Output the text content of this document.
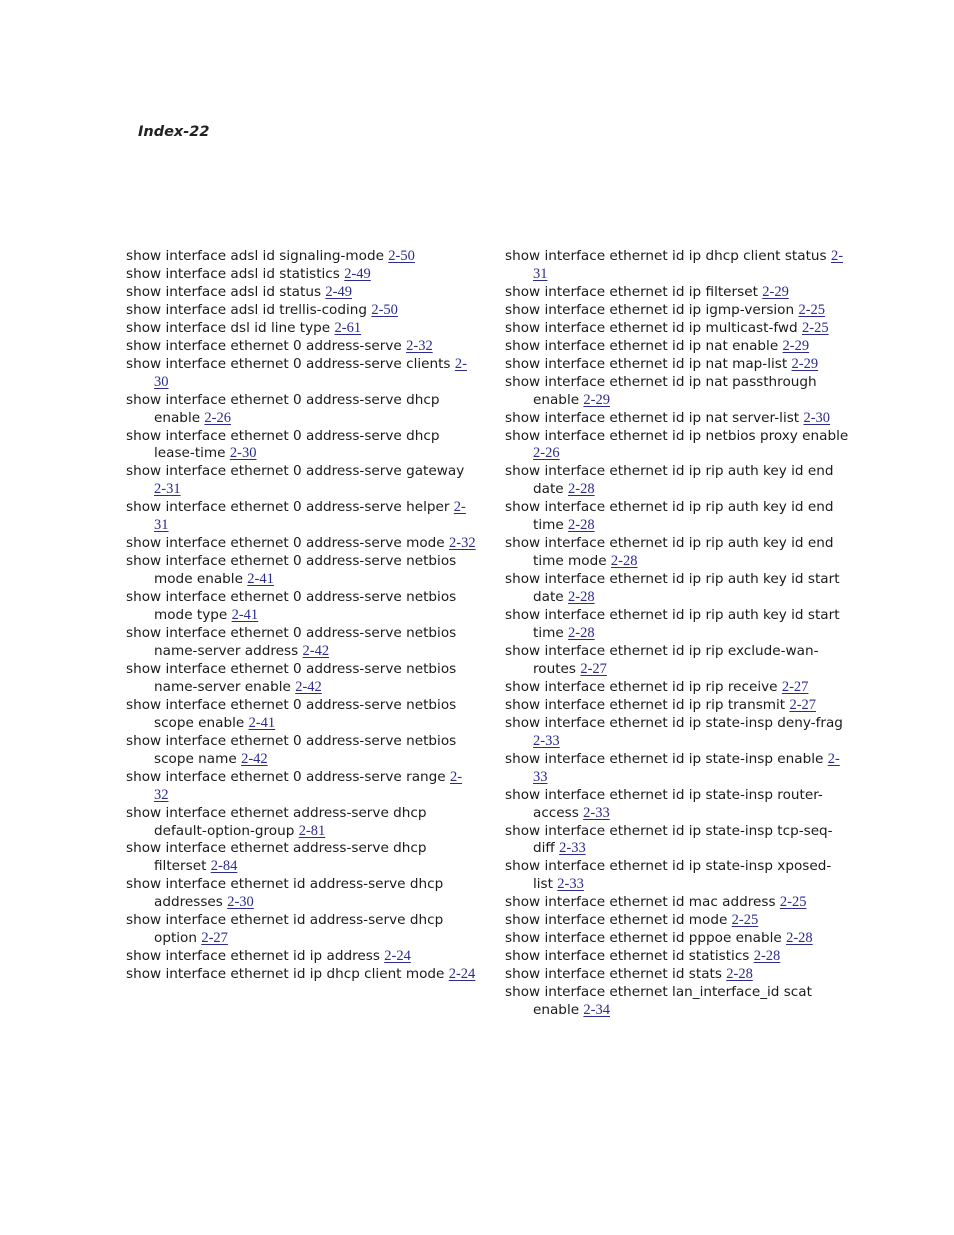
Index-22

show interface adsl id signaling-mode 2-50

show interface adsl id statistics 2-49

show interface adsl id status 2-49

show interface adsl id trellis-coding 2-50

show interface dsl id line type 2-61

show interface ethernet 0 address-serve 2-32

show interface ethernet 0 address-serve clients 2-30

show interface ethernet 0 address-serve dhcp enable 2-26

show interface ethernet 0 address-serve dhcp lease-time 2-30

show interface ethernet 0 address-serve gateway 2-31

show interface ethernet 0 address-serve helper 2-31

show interface ethernet 0 address-serve mode 2-32

show interface ethernet 0 address-serve netbios mode enable 2-41

show interface ethernet 0 address-serve netbios mode type 2-41

show interface ethernet 0 address-serve netbios name-server address 2-42

show interface ethernet 0 address-serve netbios name-server enable 2-42

show interface ethernet 0 address-serve netbios scope enable 2-41

show interface ethernet 0 address-serve netbios scope name 2-42

show interface ethernet 0 address-serve range 2-32

show interface ethernet address-serve dhcp default-option-group 2-81

show interface ethernet address-serve dhcp filterset 2-84

show interface ethernet id address-serve dhcp addresses 2-30

show interface ethernet id address-serve dhcp option 2-27

show interface ethernet id ip address 2-24

show interface ethernet id ip dhcp client mode 2-24

show interface ethernet id ip dhcp client status 2-31

show interface ethernet id ip filterset 2-29

show interface ethernet id ip igmp-version 2-25

show interface ethernet id ip multicast-fwd 2-25

show interface ethernet id ip nat enable 2-29

show interface ethernet id ip nat map-list 2-29

show interface ethernet id ip nat passthrough enable 2-29

show interface ethernet id ip nat server-list 2-30

show interface ethernet id ip netbios proxy enable 2-26

show interface ethernet id ip rip auth key id end date 2-28

show interface ethernet id ip rip auth key id end time 2-28

show interface ethernet id ip rip auth key id end time mode 2-28

show interface ethernet id ip rip auth key id start date 2-28

show interface ethernet id ip rip auth key id start time 2-28

show interface ethernet id ip rip exclude-wan-routes 2-27

show interface ethernet id ip rip receive 2-27

show interface ethernet id ip rip transmit 2-27

show interface ethernet id ip state-insp deny-frag 2-33

show interface ethernet id ip state-insp enable 2-33

show interface ethernet id ip state-insp router-access 2-33

show interface ethernet id ip state-insp tcp-seq-diff 2-33

show interface ethernet id ip state-insp xposed-list 2-33

show interface ethernet id mac address 2-25

show interface ethernet id mode 2-25

show interface ethernet id pppoe enable 2-28

show interface ethernet id statistics 2-28

show interface ethernet id stats 2-28

show interface ethernet lan_interface_id scat enable 2-34
